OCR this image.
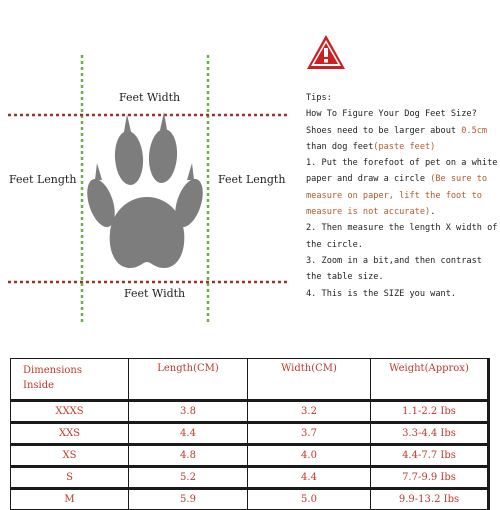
Feet Width
Feet Width
Feet Length	Feet Length

Tips:

How To Figure Your Dog Feet Size?

Shoes need to be larger about 0.5cm

than dog feet(paste feet)

1. Put the forefoot of pet on a white paper and draw a circle (Be sure to measure on paper, lift the foot to measure is not accurate).

2. Then measure the length X width of the circle.

3. Zoom in a bit,and then contrast the table size.

4. This is the SIZE you want.

Dimensions
Inside	Length(CM)	Width(CM)	Weight(Approx)
XXXS	3.8	3.2	1.1-2.2 Ibs
XXS	4.4	3.7	3.3-4.4 Ibs
XS	4.8	4.0	4.4-7.7 Ibs
S	5.2	4.4	7.7-9.9 Ibs
M	5.9	5.0	9.9-13.2 Ibs
